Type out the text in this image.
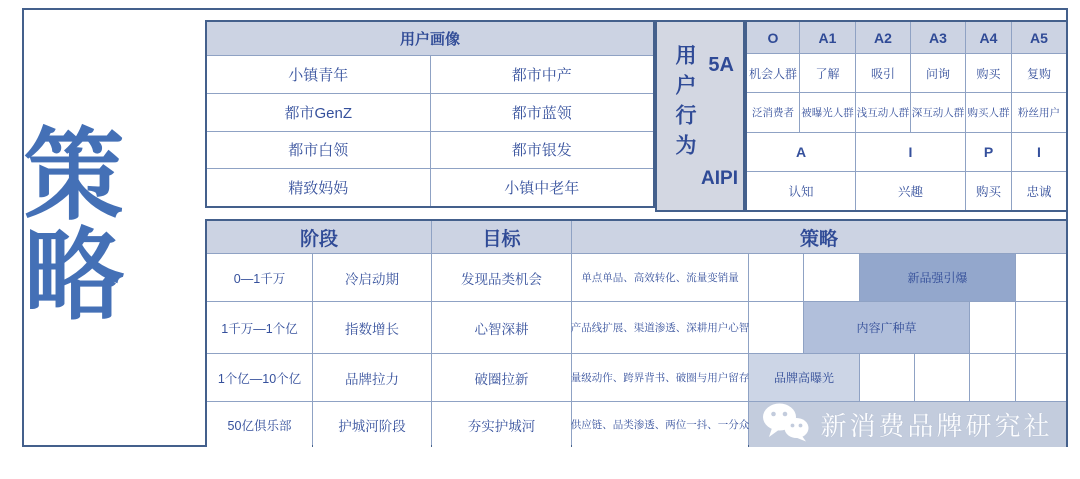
策略
用户画像
小镇青年	都市中产
都市GenZ	都市蓝领
都市白领	都市银发
精致妈妈	小镇中老年
用户行为 5A
AIPI
O	A1	A2	A3	A4	A5
机会人群	了解	吸引	问询	购买	复购
泛消费者 被曝光人群 浅互动人群 深互动人群 购买人群 粉丝用户
A	I	P	I
认知	兴趣	购买	忠诚
阶段	目标	策略
0—1千万	冷启动期	发现品类机会	单点单品、高效转化、流量变销量	新品强引爆
1千万—1个亿	指数增长	心智深耕	产品线扩展、渠道渗透、深耕用户心智	内容广种草
1个亿—10个亿	品牌拉力	破圈拉新	量级动作、跨界背书、破圈与用户留存	品牌高曝光
50亿俱乐部	护城河阶段	夯实护城河	供应链、品类渗透、两位一抖、一分众	新消费品牌研究社
